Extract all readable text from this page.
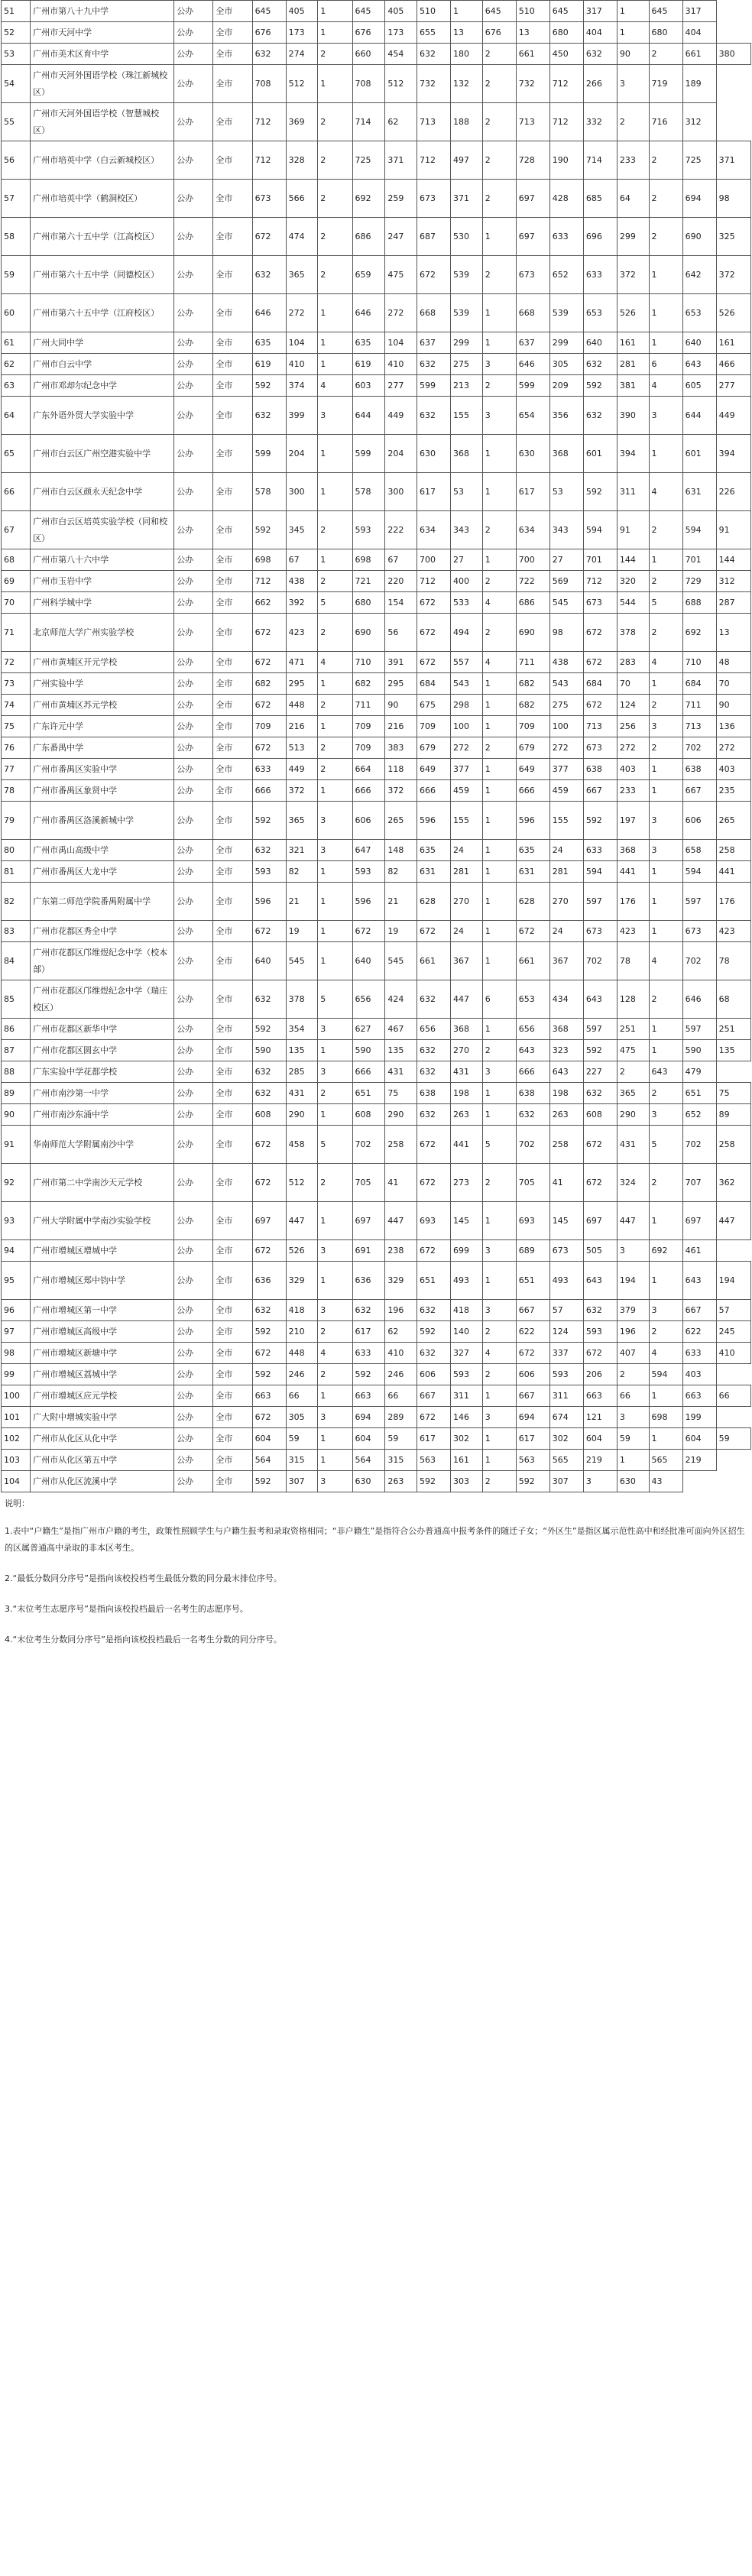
51	广州市第八十九中学	公办	全市	645	405	1	645	405	510	1	645	510	645	317	1	645	317	
52	广州市天河中学	公办	全市	676	173	1	676	173	655	13	676	13	680	404	1	680	404	
53	广州市美术区育中学	公办	全市	632	274	2	660	454	632	180	2	661	450	632	90	2	661	380
54	广州市天河外国语学校（珠江新城校区）	公办	全市	708	512	1	708	512	732	132	2	732	712	266	3	719	189	
55	广州市天河外国语学校（智慧城校区）	公办	全市	712	369	2	714	62	713	188	2	713	712	332	2	716	312	
56	广州市培英中学（白云新城校区）	公办	全市	712	328	2	725	371	712	497	2	728	190	714	233	2	725	371
57	广州市培英中学（鹤洞校区）	公办	全市	673	566	2	692	259	673	371	2	697	428	685	64	2	694	98
58	广州市第六十五中学（江高校区）	公办	全市	672	474	2	686	247	687	530	1	697	633	696	299	2	690	325
59	广州市第六十五中学（同德校区）	公办	全市	632	365	2	659	475	672	539	2	673	652	633	372	1	642	372
60	广州市第六十五中学（江府校区）	公办	全市	646	272	1	646	272	668	539	1	668	539	653	526	1	653	526
61	广州大同中学	公办	全市	635	104	1	635	104	637	299	1	637	299	640	161	1	640	161
62	广州市白云中学	公办	全市	619	410	1	619	410	632	275	3	646	305	632	281	6	643	466
63	广州市邓却尔纪念中学	公办	全市	592	374	4	603	277	599	213	2	599	209	592	381	4	605	277
64	广东外语外贸大学实验中学	公办	全市	632	399	3	644	449	632	155	3	654	356	632	390	3	644	449
65	广州市白云区广州空港实验中学	公办	全市	599	204	1	599	204	630	368	1	630	368	601	394	1	601	394
66	广州市白云区颜永天纪念中学	公办	全市	578	300	1	578	300	617	53	1	617	53	592	311	4	631	226
67	广州市白云区培英实验学校（同和校区）	公办	全市	592	345	2	593	222	634	343	2	634	343	594	91	2	594	91
68	广州市第八十六中学	公办	全市	698	67	1	698	67	700	27	1	700	27	701	144	1	701	144
69	广州市玉岩中学	公办	全市	712	438	2	721	220	712	400	2	722	569	712	320	2	729	312
70	广州科学城中学	公办	全市	662	392	5	680	154	672	533	4	686	545	673	544	5	688	287
71	北京师范大学广州实验学校	公办	全市	672	423	2	690	56	672	494	2	690	98	672	378	2	692	13
72	广州市黄埔区开元学校	公办	全市	672	471	4	710	391	672	557	4	711	438	672	283	4	710	48
73	广州实验中学	公办	全市	682	295	1	682	295	684	543	1	682	543	684	70	1	684	70
74	广州市黄埔区苏元学校	公办	全市	672	448	2	711	90	675	298	1	682	275	672	124	2	711	90
75	广东许元中学	公办	全市	709	216	1	709	216	709	100	1	709	100	713	256	3	713	136
76	广东番禺中学	公办	全市	672	513	2	709	383	679	272	2	679	272	673	272	2	702	272
77	广州市番禺区实验中学	公办	全市	633	449	2	664	118	649	377	1	649	377	638	403	1	638	403
78	广州市番禺区象贤中学	公办	全市	666	372	1	666	372	666	459	1	666	459	667	233	1	667	235
79	广州市番禺区洛溪新城中学	公办	全市	592	365	3	606	265	596	155	1	596	155	592	197	3	606	265
80	广州市禹山高级中学	公办	全市	632	321	3	647	148	635	24	1	635	24	633	368	3	658	258
81	广州市番禺区大龙中学	公办	全市	593	82	1	593	82	631	281	1	631	281	594	441	1	594	441
82	广东第二师范学院番禺附属中学	公办	全市	596	21	1	596	21	628	270	1	628	270	597	176	1	597	176
83	广州市花都区秀全中学	公办	全市	672	19	1	672	19	672	24	1	672	24	673	423	1	673	423
84	广州市花都区邝维煜纪念中学（校本部）	公办	全市	640	545	1	640	545	661	367	1	661	367	702	78	4	702	78
85	广州市花都区邝维煜纪念中学（瑞庄校区）	公办	全市	632	378	5	656	424	632	447	6	653	434	643	128	2	646	68
86	广州市花都区新华中学	公办	全市	592	354	3	627	467	656	368	1	656	368	597	251	1	597	251
87	广州市花都区圆玄中学	公办	全市	590	135	1	590	135	632	270	2	643	323	592	475	1	590	135
88	广东实验中学花都学校	公办	全市	632	285	3	666	431	632	431	3	666	643	227	2	643	479	
89	广州市南沙第一中学	公办	全市	632	431	2	651	75	638	198	1	638	198	632	365	2	651	75
90	广州市南沙东涌中学	公办	全市	608	290	1	608	290	632	263	1	632	263	608	290	3	652	89
91	华南师范大学附属南沙中学	公办	全市	672	458	5	702	258	672	441	5	702	258	672	431	5	702	258
92	广州市第二中学南沙天元学校	公办	全市	672	512	2	705	41	672	273	2	705	41	672	324	2	707	362
93	广州大学附属中学南沙实验学校	公办	全市	697	447	1	697	447	693	145	1	693	145	697	447	1	697	447
94	广州市增城区增城中学	公办	全市	672	526	3	691	238	672	699	3	689	673	505	3	692	461	
95	广州市增城区郑中钧中学	公办	全市	636	329	1	636	329	651	493	1	651	493	643	194	1	643	194
96	广州市增城区第一中学	公办	全市	632	418	3	632	196	632	418	3	667	57	632	379	3	667	57
97	广州市增城区高级中学	公办	全市	592	210	2	617	62	592	140	2	622	124	593	196	2	622	245
98	广州市增城区新塘中学	公办	全市	672	448	4	633	410	632	327	4	672	337	672	407	4	633	410
99	广州市增城区荔城中学	公办	全市	592	246	2	592	246	606	593	2	606	593	206	2	594	403	
100	广州市增城区应元学校	公办	全市	663	66	1	663	66	667	311	1	667	311	663	66	1	663	66
101	广大附中增城实验中学	公办	全市	672	305	3	694	289	672	146	3	694	674	121	3	698	199	
102	广州市从化区从化中学	公办	全市	604	59	1	604	59	617	302	1	617	302	604	59	1	604	59
103	广州市从化区第五中学	公办	全市	564	315	1	564	315	563	161	1	563	565	219	1	565	219	
104	广州市从化区流溪中学	公办	全市	592	307	3	630	263	592	303	2	592	307	3	630	43		

说明：

1.表中“户籍生”是指广州市户籍的考生，政策性照顾学生与户籍生报考和录取资格相同；“非户籍生”是指符合公办普通高中报考条件的随迁子女；“外区生”是指区属示范性高中和经批准可面向外区招生的区属普通高中录取的非本区考生。

2.“最低分数同分序号”是指向该校投档考生最低分数的同分最末排位序号。

3.“末位考生志愿序号”是指向该校投档最后一名考生的志愿序号。

4.“末位考生分数同分序号”是指向该校投档最后一名考生分数的同分序号。
